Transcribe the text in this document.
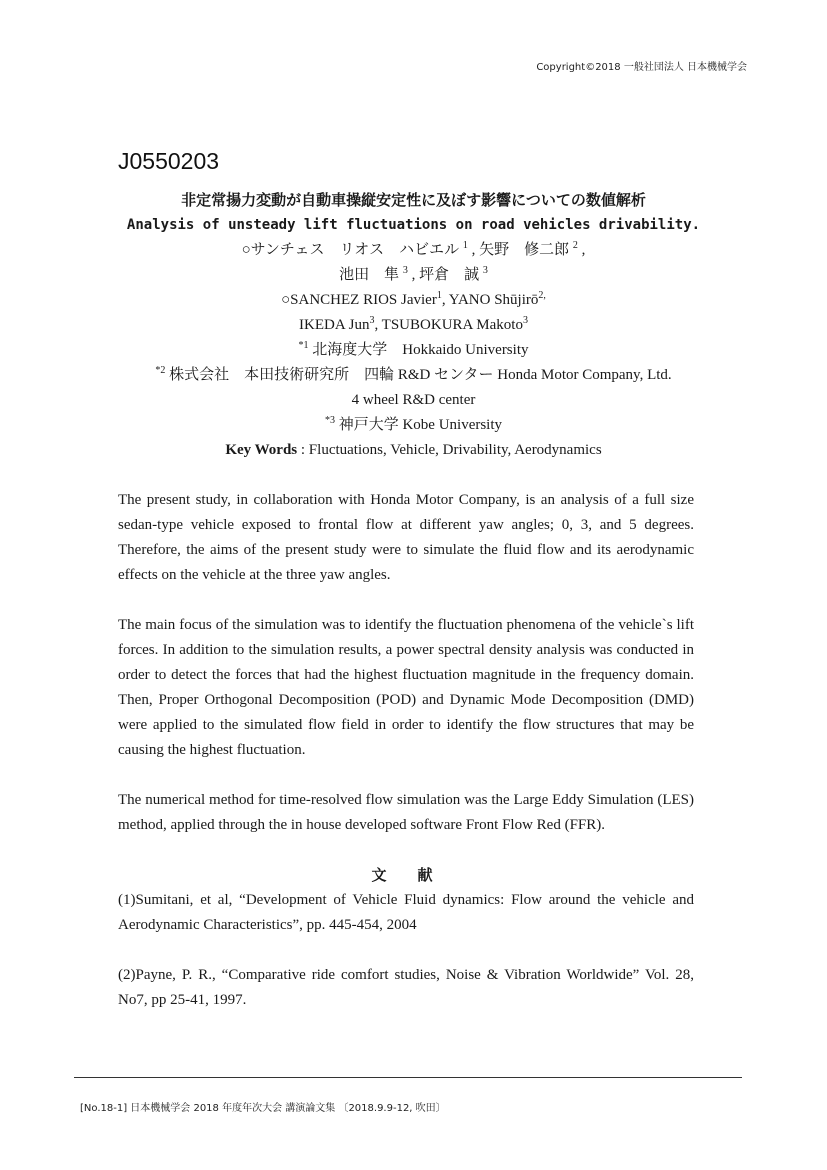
Copyright©2018 一般社団法人 日本機械学会
J0550203
非定常揚力変動が自動車操縦安定性に及ぼす影響についての数値解析
Analysis of unsteady lift fluctuations on road vehicles drivability.
○サンチェス　リオス　ハビエル $^1$ , 矢野　修二郎 $^2$ ,
池田　隼 $^3$ , 坪倉　誠 $^3$
○SANCHEZ RIOS Javier$^1$, YANO Shūjirō$^{2,}$
IKEDA Jun$^3$, TSUBOKURA Makoto$^3$
$^{*1}$ 北海度大学　Hokkaido University
$^{*2}$ 株式会社　本田技術研究所　四輪 R&D センター Honda Motor Company, Ltd.
4 wheel R&D center
$^{*3}$ 神戸大学 Kobe University
Key Words : Fluctuations, Vehicle, Drivability, Aerodynamics

The present study, in collaboration with Honda Motor Company, is an analysis of a full size sedan-type vehicle exposed to frontal flow at different yaw angles; 0, 3, and 5 degrees. Therefore, the aims of the present study were to simulate the fluid flow and its aerodynamic effects on the vehicle at the three yaw angles.

The main focus of the simulation was to identify the fluctuation phenomena of the vehicle`s lift forces. In addition to the simulation results, a power spectral density analysis was conducted in order to detect the forces that had the highest fluctuation magnitude in the frequency domain. Then, Proper Orthogonal Decomposition (POD) and Dynamic Mode Decomposition (DMD) were applied to the simulated flow field in order to identify the flow structures that may be causing the highest fluctuation.

The numerical method for time-resolved flow simulation was the Large Eddy Simulation (LES) method, applied through the in house developed software Front Flow Red (FFR).

文　献

(1)Sumitani, et al, “Development of Vehicle Fluid dynamics: Flow around the vehicle and Aerodynamic Characteristics”, pp. 445-454, 2004

(2)Payne, P. R., “Comparative ride comfort studies, Noise & Vibration Worldwide” Vol. 28, No7, pp 25-41, 1997.

[No.18-1] 日本機械学会 2018 年度年次大会 講演論文集 〔2018.9.9-12, 吹田〕
